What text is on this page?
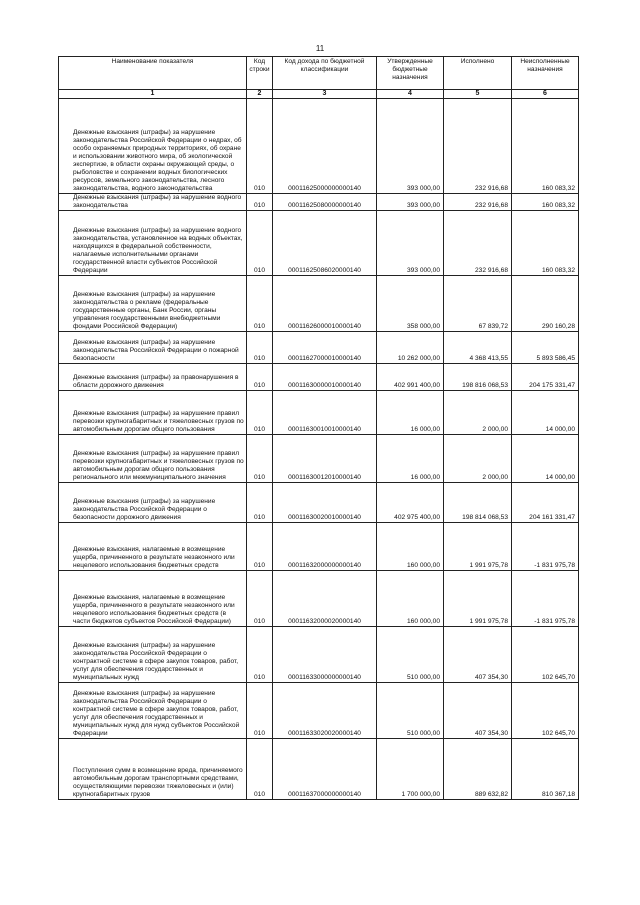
11
Наименование показателя	Код строки	Код дохода по бюджетной классификации	Утвержденные бюджетные назначения	Исполнено	Неисполненные назначения
1	2	3	4	5	6
Денежные взыскания (штрафы) за нарушение законодательства Российской Федерации о недрах, об особо охраняемых природных территориях, об охране и использовании животного мира, об экологической экспертизе, в области охраны окружающей среды, о рыболовстве и сохранении водных биологических ресурсов, земельного законодательства, лесного законодательства, водного законодательства	010	00011625000000000140	393 000,00	232 916,68	160 083,32
Денежные взыскания (штрафы) за нарушение водного законодательства	010	00011625080000000140	393 000,00	232 916,68	160 083,32
Денежные взыскания (штрафы) за нарушение водного законодательства, установленное на водных объектах, находящихся в федеральной собственности, налагаемые исполнительными органами государственной власти субъектов Российской Федерации	010	00011625086020000140	393 000,00	232 916,68	160 083,32
Денежные взыскания (штрафы) за нарушение законодательства о рекламе (федеральные государственные органы, Банк России, органы управления государственными внебюджетными фондами Российской Федерации)	010	00011626000010000140	358 000,00	67 839,72	290 160,28
Денежные взыскания (штрафы) за нарушение законодательства Российской Федерации о пожарной безопасности	010	00011627000010000140	10 262 000,00	4 368 413,55	5 893 586,45
Денежные взыскания (штрафы) за правонарушения в области дорожного движения	010	00011630000010000140	402 991 400,00	198 816 068,53	204 175 331,47
Денежные взыскания (штрафы) за нарушение правил перевозки крупногабаритных и тяжеловесных грузов по автомобильным дорогам общего пользования	010	00011630010010000140	16 000,00	2 000,00	14 000,00
Денежные взыскания (штрафы) за нарушение правил перевозки крупногабаритных и тяжеловесных грузов по автомобильным дорогам общего пользования регионального или межмуниципального значения	010	00011630012010000140	16 000,00	2 000,00	14 000,00
Денежные взыскания (штрафы) за нарушение законодательства Российской Федерации о безопасности дорожного движения	010	00011630020010000140	402 975 400,00	198 814 068,53	204 161 331,47
Денежные взыскания, налагаемые в возмещение ущерба, причиненного в результате незаконного или нецелевого использования бюджетных средств	010	00011632000000000140	160 000,00	1 991 975,78	-1 831 975,78
Денежные взыскания, налагаемые в возмещение ущерба, причиненного в результате незаконного или нецелевого использования бюджетных средств (в части бюджетов субъектов Российской Федерации)	010	00011632000020000140	160 000,00	1 991 975,78	-1 831 975,78
Денежные взыскания (штрафы) за нарушение законодательства Российской Федерации о контрактной системе в сфере закупок товаров, работ, услуг для обеспечения государственных и муниципальных нужд	010	00011633000000000140	510 000,00	407 354,30	102 645,70
Денежные взыскания (штрафы) за нарушение законодательства Российской Федерации о контрактной системе в сфере закупок товаров, работ, услуг для обеспечения государственных и муниципальных нужд для нужд субъектов Российской Федерации	010	00011633020020000140	510 000,00	407 354,30	102 645,70
Поступления сумм в возмещение вреда, причиняемого автомобильным дорогам транспортными средствами, осуществляющими перевозки тяжеловесных и (или) крупногабаритных грузов	010	00011637000000000140	1 700 000,00	889 632,82	810 367,18
